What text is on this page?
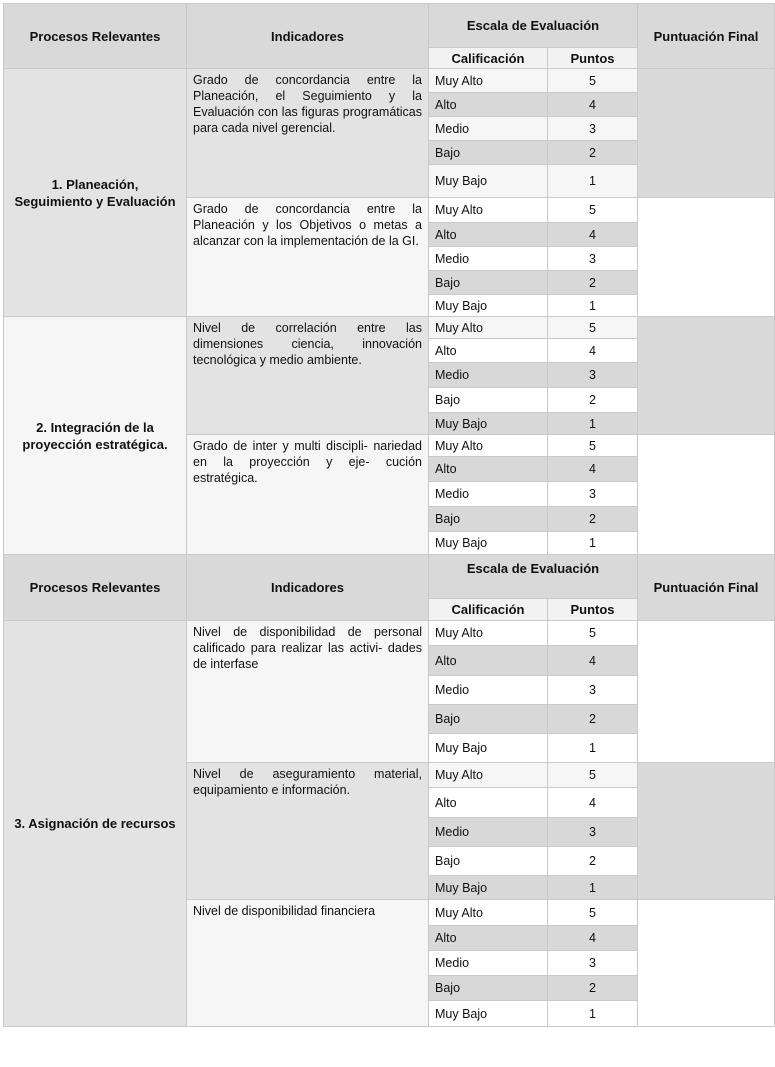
Procesos Relevantes	Indicadores	Escala de Evaluación		Puntuación Final
		Calificación	Puntos	
1. Planeación, Seguimiento y Evaluación	Grado de concordancia entre la Planeación, el Seguimiento y la Evaluación con las figuras programáticas para cada nivel gerencial.	Muy Alto	5	
		Alto	4	
		Medio	3	
		Bajo	2	
		Muy Bajo	1	
	Grado de concordancia entre la Planeación y los Objetivos o metas a alcanzar con la implementación de la GI.	Muy Alto	5	
		Alto	4	
		Medio	3	
		Bajo	2	
		Muy Bajo	1	
2. Integración de la proyección estratégica.	Nivel de correlación entre las dimensiones ciencia, innovación tecnológica y medio ambiente.	Muy Alto	5	
		Alto	4	
		Medio	3	
		Bajo	2	
		Muy Bajo	1	
	Grado de inter y multi discipli- nariedad en la proyección y eje- cución estratégica.	Muy Alto	5	
		Alto	4	
		Medio	3	
		Bajo	2	
		Muy Bajo	1	
Procesos Relevantes	Indicadores	Escala de Evaluación		Puntuación Final
		Calificación	Puntos	
3. Asignación de recursos	Nivel de disponibilidad de personal calificado para realizar las activi- dades de interfase	Muy Alto	5	
		Alto	4	
		Medio	3	
		Bajo	2	
		Muy Bajo	1	
	Nivel de aseguramiento material, equipamiento e información.	Muy Alto	5	
		Alto	4	
		Medio	3	
		Bajo	2	
		Muy Bajo	1	
	Nivel de disponibilidad financiera	Muy Alto	5	
		Alto	4	
		Medio	3	
		Bajo	2	
		Muy Bajo	1	
